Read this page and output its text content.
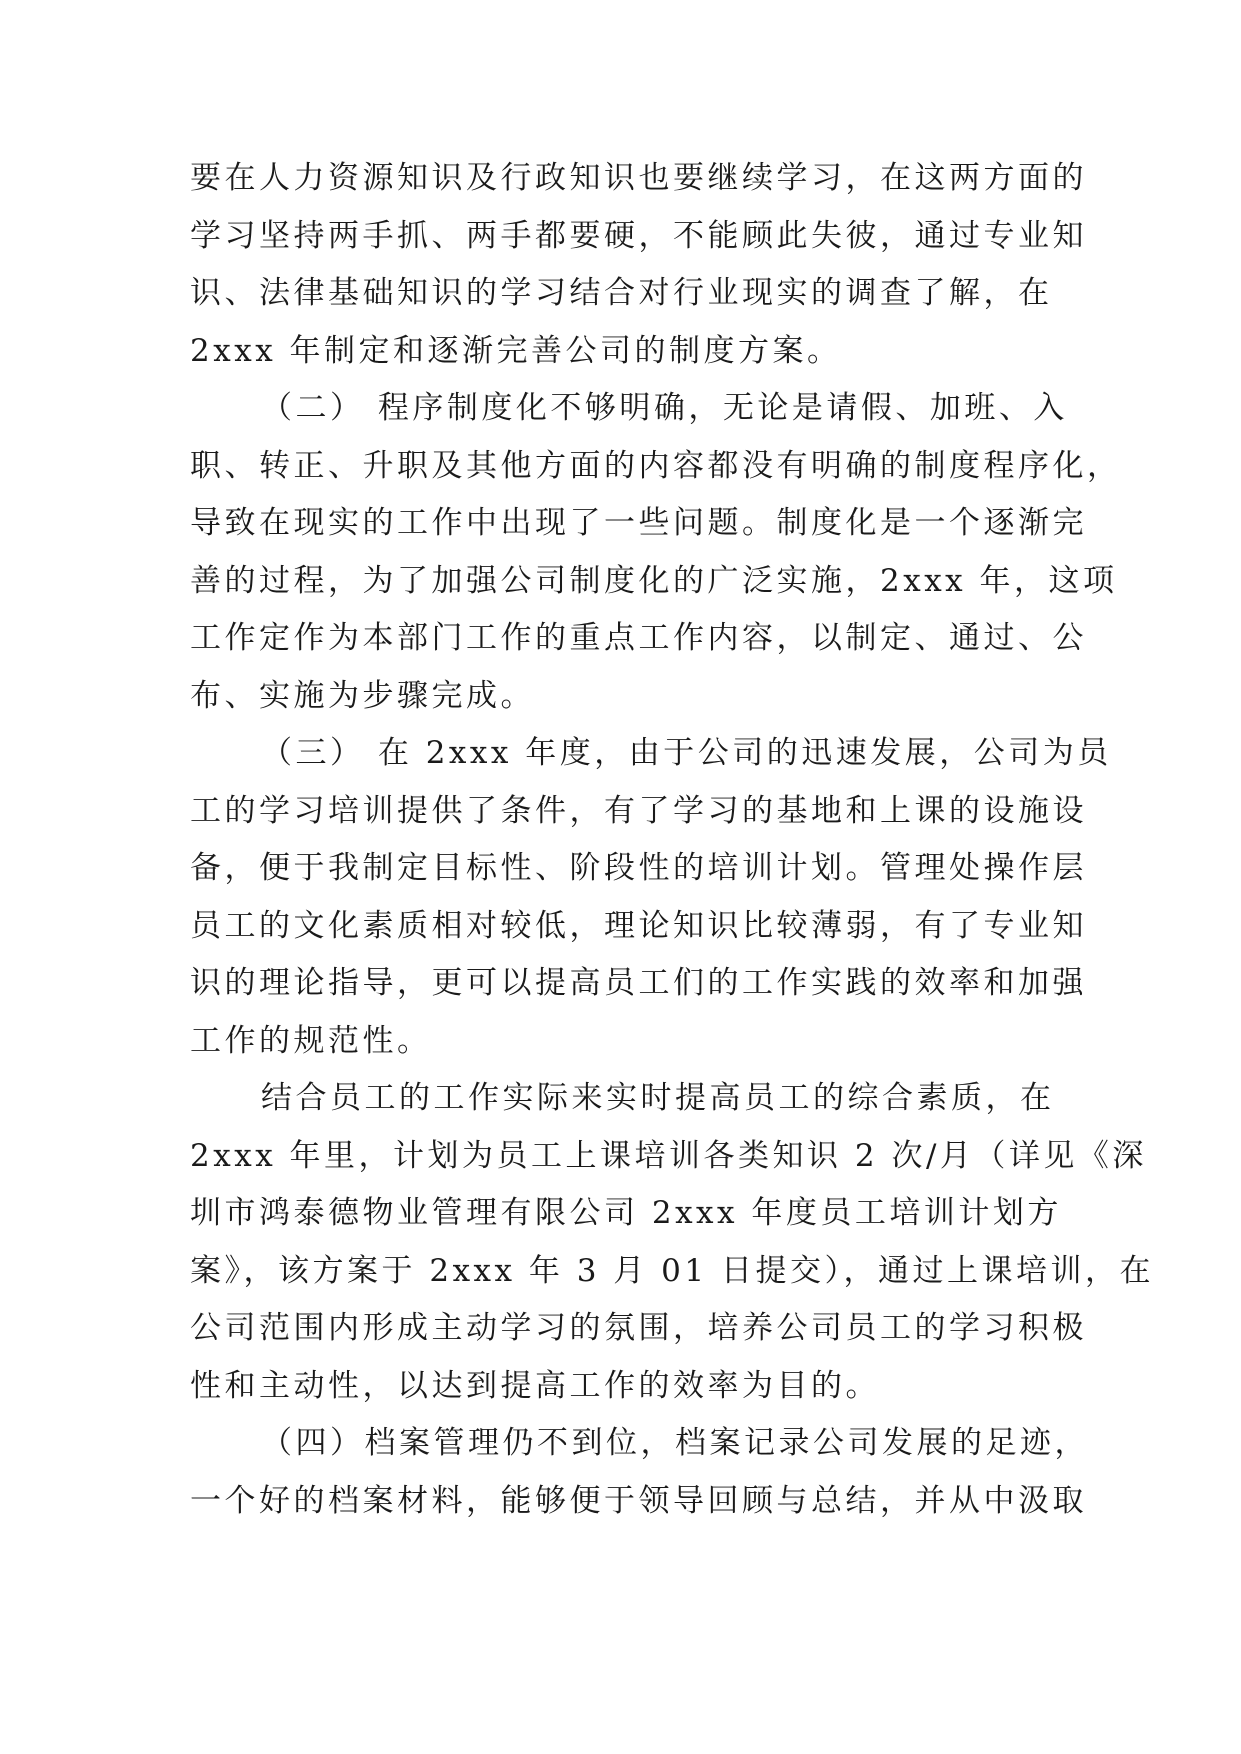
要在人力资源知识及行政知识也要继续学习，在这两方面的
学习坚持两手抓、两手都要硬，不能顾此失彼，通过专业知
识、法律基础知识的学习结合对行业现实的调查了解，在
2xxx 年制定和逐渐完善公司的制度方案。
（二） 程序制度化不够明确，无论是请假、加班、入
职、转正、升职及其他方面的内容都没有明确的制度程序化，
导致在现实的工作中出现了一些问题。制度化是一个逐渐完
善的过程，为了加强公司制度化的广泛实施，2xxx 年，这项
工作定作为本部门工作的重点工作内容，以制定、通过、公
布、实施为步骤完成。
（三） 在 2xxx 年度，由于公司的迅速发展，公司为员
工的学习培训提供了条件，有了学习的基地和上课的设施设
备，便于我制定目标性、阶段性的培训计划。管理处操作层
员工的文化素质相对较低，理论知识比较薄弱，有了专业知
识的理论指导，更可以提高员工们的工作实践的效率和加强
工作的规范性。
结合员工的工作实际来实时提高员工的综合素质，在
2xxx 年里，计划为员工上课培训各类知识 2 次/月（详见《深
圳市鸿泰德物业管理有限公司 2xxx 年度员工培训计划方
案》，该方案于 2xxx 年 3 月 01 日提交），通过上课培训，在
公司范围内形成主动学习的氛围，培养公司员工的学习积极
性和主动性，以达到提高工作的效率为目的。
（四）档案管理仍不到位，档案记录公司发展的足迹，
一个好的档案材料，能够便于领导回顾与总结，并从中汲取
